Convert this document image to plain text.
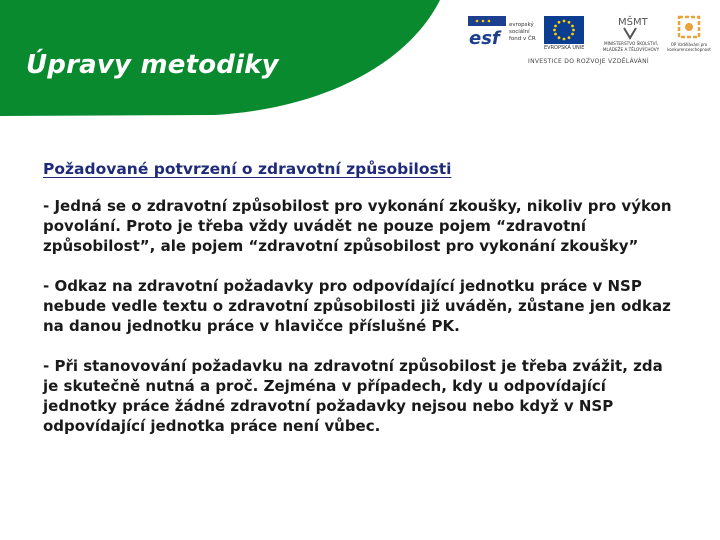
Úpravy metodiky
esf
evropský sociální fond v ČR
EVROPSKÁ UNIE
MŠMT
MINISTERSTVO ŠKOLSTVÍ, MLÁDEŽE A TĚLOVÝCHOVY
OP Vzdělávání pro konkurenceschopnost
INVESTICE DO ROZVOJE VZDĚLÁVÁNÍ

Požadované potvrzení o zdravotní způsobilosti

- Jedná se o zdravotní způsobilost pro vykonání zkoušky, nikoliv pro výkon povolání. Proto je třeba vždy uvádět ne pouze pojem “zdravotní způsobilost”, ale pojem “zdravotní způsobilost pro vykonání zkoušky”

- Odkaz na zdravotní požadavky pro odpovídající jednotku práce v NSP nebude vedle textu o zdravotní způsobilosti již uváděn, zůstane jen odkaz na danou jednotku práce v hlavičce příslušné PK.

- Při stanovování požadavku na zdravotní způsobilost je třeba zvážit, zda je skutečně nutná a proč. Zejména v případech, kdy u odpovídající jednotky práce žádné zdravotní požadavky nejsou nebo když v NSP odpovídající jednotka práce není vůbec.
